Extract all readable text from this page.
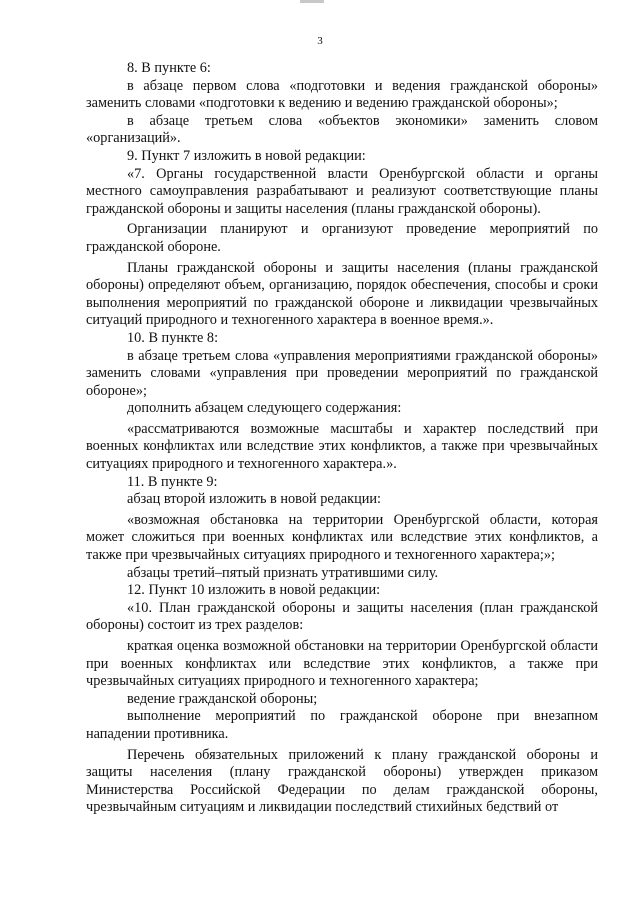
3

8. В пункте 6:

в абзаце первом слова «подготовки и ведения гражданской обороны» заменить словами «подготовки к ведению и ведению гражданской обороны»;

в абзаце третьем слова «объектов экономики» заменить словом «организаций».

9. Пункт 7 изложить в новой редакции:

«7. Органы государственной власти Оренбургской области и органы местного самоуправления разрабатывают и реализуют соответствующие планы гражданской обороны и защиты населения (планы гражданской обороны).

Организации планируют и организуют проведение мероприятий по гражданской обороне.

Планы гражданской обороны и защиты населения (планы гражданской обороны) определяют объем, организацию, порядок обеспечения, способы и сроки выполнения мероприятий по гражданской обороне и ликвидации чрезвычайных ситуаций природного и техногенного характера в военное время.».

10. В пункте 8:

в абзаце третьем слова «управления мероприятиями гражданской обороны» заменить словами «управления при проведении мероприятий по гражданской обороне»;

дополнить абзацем следующего содержания:

«рассматриваются возможные масштабы и характер последствий при военных конфликтах или вследствие этих конфликтов, а также при чрезвычайных ситуациях природного и техногенного характера.».

11. В пункте 9:

абзац второй изложить в новой редакции:

«возможная обстановка на территории Оренбургской области, которая может сложиться при военных конфликтах или вследствие этих конфликтов, а также при чрезвычайных ситуациях природного и техногенного характера;»;

абзацы третий–пятый признать утратившими силу.

12. Пункт 10 изложить в новой редакции:

«10. План гражданской обороны и защиты населения (план гражданской обороны) состоит из трех разделов:

краткая оценка возможной обстановки на территории Оренбургской области при военных конфликтах или вследствие этих конфликтов, а также при чрезвычайных ситуациях природного и техногенного характера;

ведение гражданской обороны;

выполнение мероприятий по гражданской обороне при внезапном нападении противника.

Перечень обязательных приложений к плану гражданской обороны и защиты населения (плану гражданской обороны) утвержден приказом Министерства Российской Федерации по делам гражданской обороны, чрезвычайным ситуациям и ликвидации последствий стихийных бедствий от
